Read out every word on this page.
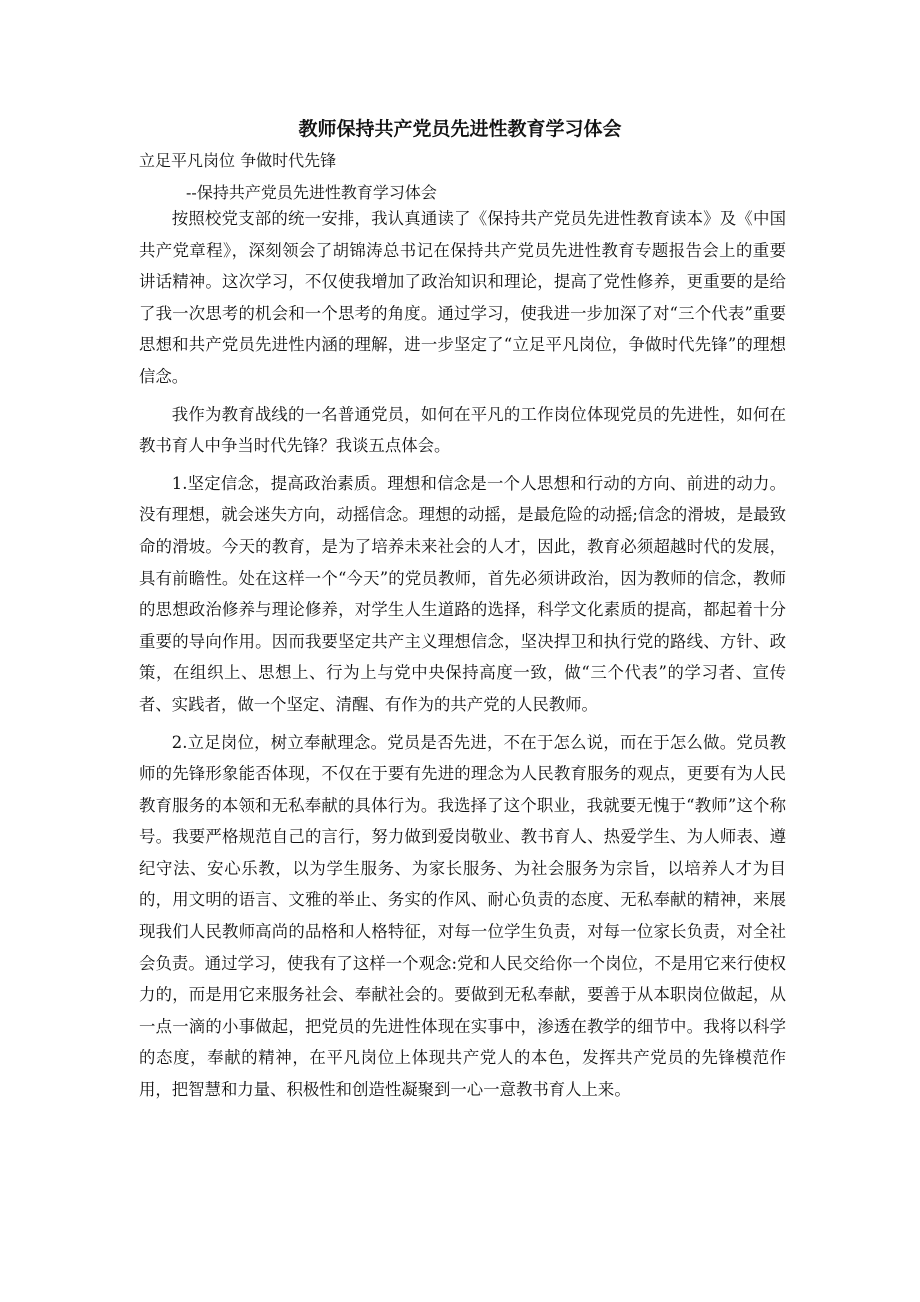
教师保持共产党员先进性教育学习体会
立足平凡岗位 争做时代先锋
--保持共产党员先进性教育学习体会

按照校党支部的统一安排，我认真通读了《保持共产党员先进性教育读本》及《中国共产党章程》，深刻领会了胡锦涛总书记在保持共产党员先进性教育专题报告会上的重要讲话精神。这次学习，不仅使我增加了政治知识和理论，提高了党性修养，更重要的是给了我一次思考的机会和一个思考的角度。通过学习，使我进一步加深了对“三个代表”重要思想和共产党员先进性内涵的理解，进一步坚定了“立足平凡岗位，争做时代先锋”的理想信念。

我作为教育战线的一名普通党员，如何在平凡的工作岗位体现党员的先进性，如何在教书育人中争当时代先锋？我谈五点体会。

1.坚定信念，提高政治素质。理想和信念是一个人思想和行动的方向、前进的动力。没有理想，就会迷失方向，动摇信念。理想的动摇，是最危险的动摇;信念的滑坡，是最致命的滑坡。今天的教育，是为了培养未来社会的人才，因此，教育必须超越时代的发展，具有前瞻性。处在这样一个“今天”的党员教师，首先必须讲政治，因为教师的信念，教师的思想政治修养与理论修养，对学生人生道路的选择，科学文化素质的提高，都起着十分重要的导向作用。因而我要坚定共产主义理想信念，坚决捍卫和执行党的路线、方针、政策，在组织上、思想上、行为上与党中央保持高度一致，做“三个代表”的学习者、宣传者、实践者，做一个坚定、清醒、有作为的共产党的人民教师。

2.立足岗位，树立奉献理念。党员是否先进，不在于怎么说，而在于怎么做。党员教师的先锋形象能否体现，不仅在于要有先进的理念为人民教育服务的观点，更要有为人民教育服务的本领和无私奉献的具体行为。我选择了这个职业，我就要无愧于“教师”这个称号。我要严格规范自己的言行，努力做到爱岗敬业、教书育人、热爱学生、为人师表、遵纪守法、安心乐教，以为学生服务、为家长服务、为社会服务为宗旨，以培养人才为目的，用文明的语言、文雅的举止、务实的作风、耐心负责的态度、无私奉献的精神，来展现我们人民教师高尚的品格和人格特征，对每一位学生负责，对每一位家长负责，对全社会负责。通过学习，使我有了这样一个观念:党和人民交给你一个岗位，不是用它来行使权力的，而是用它来服务社会、奉献社会的。要做到无私奉献，要善于从本职岗位做起，从一点一滴的小事做起，把党员的先进性体现在实事中，渗透在教学的细节中。我将以科学的态度，奉献的精神，在平凡岗位上体现共产党人的本色，发挥共产党员的先锋模范作用，把智慧和力量、积极性和创造性凝聚到一心一意教书育人上来。
